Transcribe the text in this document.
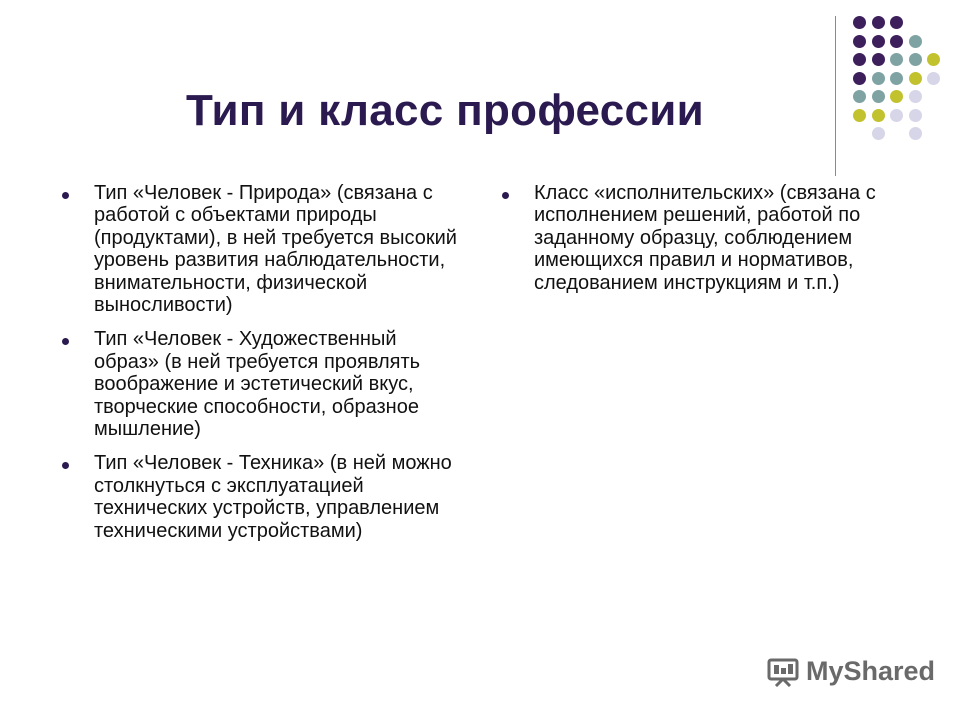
Тип и класс профессии
Тип «Человек - Природа» (связана с работой с объектами природы (продуктами), в ней требуется высокий уровень развития наблюдательности, внимательности, физической выносливости)
Тип «Человек - Художественный образ» (в ней требуется проявлять воображение и эстетический вкус, творческие способности, образное мышление)
Тип «Человек - Техника» (в ней можно столкнуться с эксплуатацией технических устройств, управлением техническими устройствами)
Класс «исполнительских» (связана с исполнением решений, работой по заданному образцу, соблюдением имеющихся правил и нормативов, следованием инструкциям и т.п.)
MyShared
